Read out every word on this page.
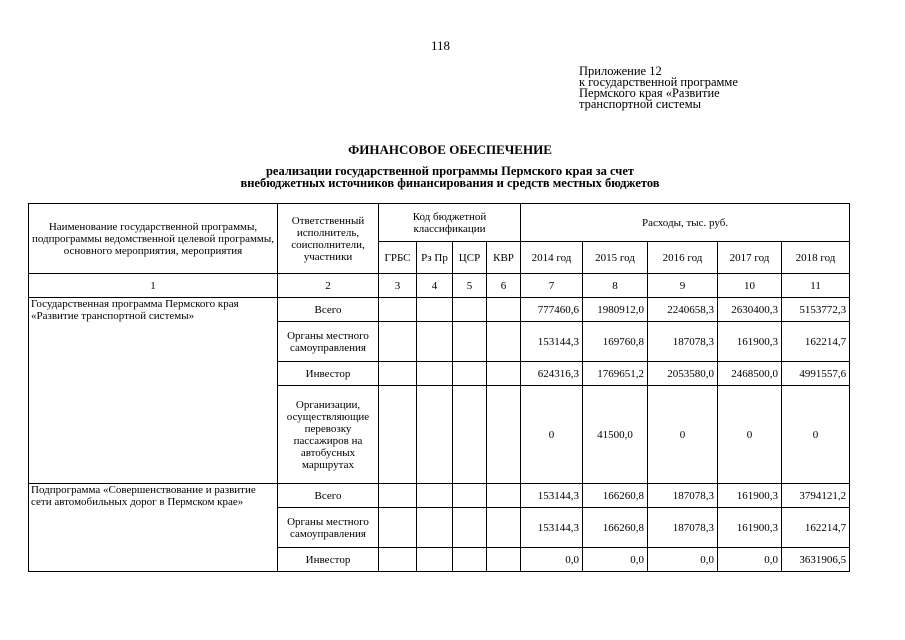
118
Приложение 12
к государственной программе
Пермского края «Развитие
транспортной системы
ФИНАНСОВОЕ ОБЕСПЕЧЕНИЕ
реализации государственной программы Пермского края за счет
внебюджетных источников финансирования и средств местных бюджетов
Наименование государственной программы, подпрограммы ведомственной целевой программы, основного мероприятия, мероприятия	Ответственный исполнитель, соисполнители, участники	Код бюджетной классификации				Расходы, тыс. руб.				
		ГРБС	Рз Пр	ЦСР	КВР	2014 год	2015 год	2016 год	2017 год	2018 год
1	2	3	4	5	6	7	8	9	10	11
Государственная программа Пермского края «Развитие транспортной системы»	Всего					777460,6	1980912,0	2240658,3	2630400,3	5153772,3
	Органы местного самоуправления					153144,3	169760,8	187078,3	161900,3	162214,7
	Инвестор					624316,3	1769651,2	2053580,0	2468500,0	4991557,6
	Организации, осуществляющие перевозку пассажиров на автобусных маршрутах					0	41500,0	0	0	0
Подпрограмма «Совершенствование и развитие сети автомобильных дорог в Пермском крае»	Всего					153144,3	166260,8	187078,3	161900,3	3794121,2
	Органы местного самоуправления					153144,3	166260,8	187078,3	161900,3	162214,7
	Инвестор					0,0	0,0	0,0	0,0	3631906,5
